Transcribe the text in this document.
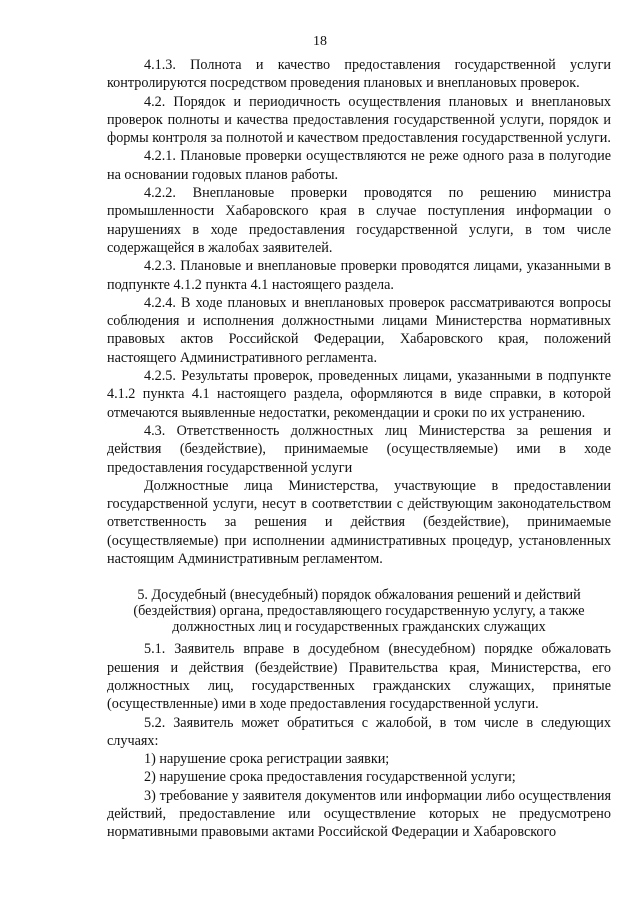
18

4.1.3. Полнота и качество предоставления государственной услуги контролируются посредством проведения плановых и внеплановых проверок.

4.2. Порядок и периодичность осуществления плановых и внеплановых проверок полноты и качества предоставления государственной услуги, порядок и формы контроля за полнотой и качеством предоставления государственной услуги.

4.2.1. Плановые проверки осуществляются не реже одного раза в полугодие на основании годовых планов работы.

4.2.2. Внеплановые проверки проводятся по решению министра промышленности Хабаровского края в случае поступления информации о нарушениях в ходе предоставления государственной услуги, в том числе содержащейся в жалобах заявителей.

4.2.3. Плановые и внеплановые проверки проводятся лицами, указанными в подпункте 4.1.2 пункта 4.1 настоящего раздела.

4.2.4. В ходе плановых и внеплановых проверок рассматриваются вопросы соблюдения и исполнения должностными лицами Министерства нормативных правовых актов Российской Федерации, Хабаровского края, положений настоящего Административного регламента.

4.2.5. Результаты проверок, проведенных лицами, указанными в подпункте 4.1.2 пункта 4.1 настоящего раздела, оформляются в виде справки, в которой отмечаются выявленные недостатки, рекомендации и сроки по их устранению.

4.3. Ответственность должностных лиц Министерства за решения и действия (бездействие), принимаемые (осуществляемые) ими в ходе предоставления государственной услуги

Должностные лица Министерства, участвующие в предоставлении государственной услуги, несут в соответствии с действующим законодательством ответственность за решения и действия (бездействие), принимаемые (осуществляемые) при исполнении административных процедур, установленных настоящим Административным регламентом.

5. Досудебный (внесудебный) порядок обжалования решений и действий (бездействия) органа, предоставляющего государственную услугу, а также должностных лиц и государственных гражданских служащих

5.1. Заявитель вправе в досудебном (внесудебном) порядке обжаловать решения и действия (бездействие) Правительства края, Министерства, его должностных лиц, государственных гражданских служащих, принятые (осуществленные) ими в ходе предоставления государственной услуги.

5.2. Заявитель может обратиться с жалобой, в том числе в следующих случаях:

1) нарушение срока регистрации заявки;

2) нарушение срока предоставления государственной услуги;

3) требование у заявителя документов или информации либо осуществления действий, предоставление или осуществление которых не предусмотрено нормативными правовыми актами Российской Федерации и Хабаровского
